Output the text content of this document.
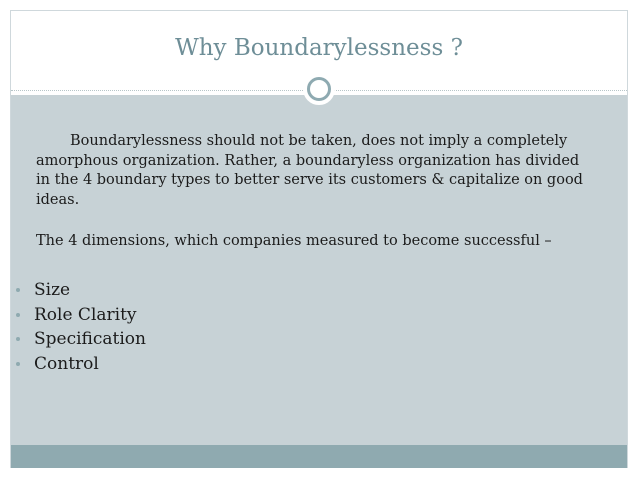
Why Boundarylessness ?

Boundarylessness should not be taken, does not imply a completely amorphous organization. Rather, a boundaryless organization has divided in the 4 boundary types to better serve its customers & capitalize on good ideas.

The 4 dimensions, which companies measured to become successful –

Size
Role Clarity
Specification
Control
